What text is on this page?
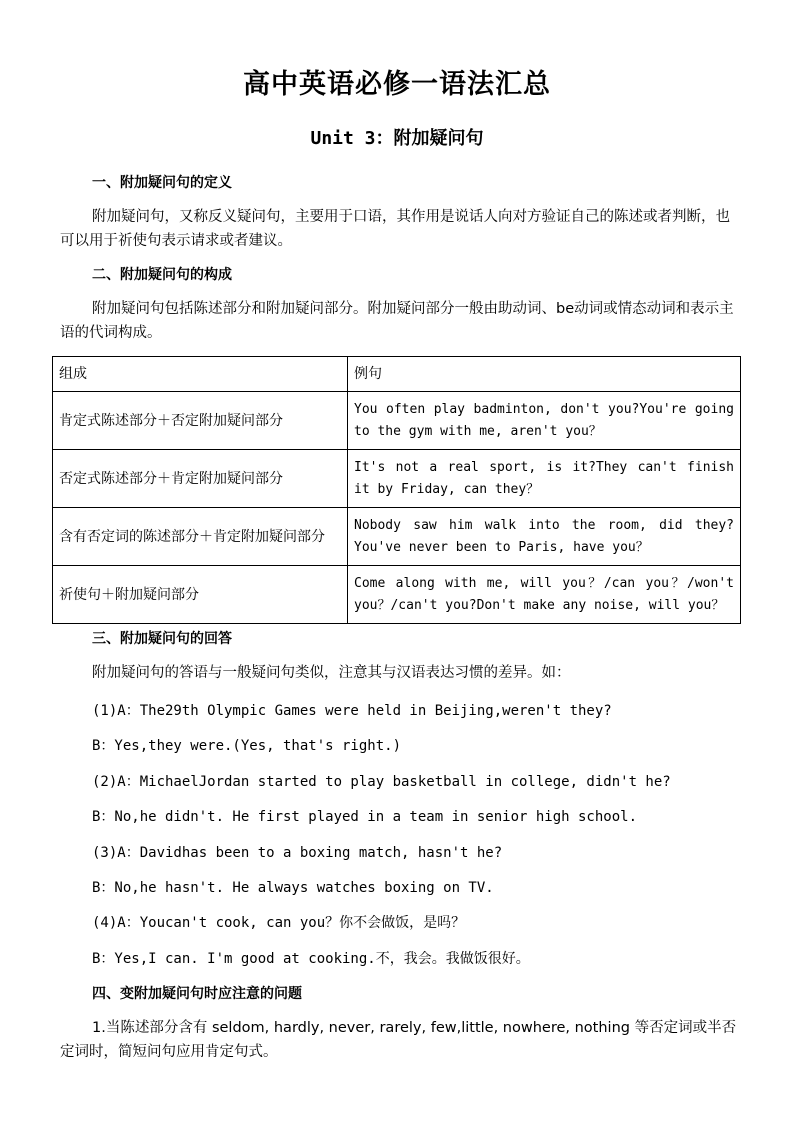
高中英语必修一语法汇总
Unit 3：附加疑问句
一、附加疑问句的定义
附加疑问句，又称反义疑问句，主要用于口语，其作用是说话人向对方验证自己的陈述或者判断，也可以用于祈使句表示请求或者建议。
二、附加疑问句的构成
附加疑问句包括陈述部分和附加疑问部分。附加疑问部分一般由助动词、be动词或情态动词和表示主语的代词构成。
组成	例句
肯定式陈述部分＋否定附加疑问部分	You often play badminton, don't you?You're going to the gym with me, aren't you？
否定式陈述部分＋肯定附加疑问部分	It's not a real sport, is it?They can't finish it by Friday, can they？
含有否定词的陈述部分＋肯定附加疑问部分	Nobody saw him walk into the room, did they?You've never been to Paris, have you？
祈使句＋附加疑问部分	Come along with me, will you？/can you？/won't you？/can't you?Don't make any noise, will you？
三、附加疑问句的回答
附加疑问句的答语与一般疑问句类似，注意其与汉语表达习惯的差异。如：
(1)A：The29th Olympic Games were held in Beijing,weren't they?
B：Yes,they were.(Yes, that's right.)
(2)A：MichaelJordan started to play basketball in college, didn't he?
B：No,he didn't. He first played in a team in senior high school.
(3)A：Davidhas been to a boxing match, hasn't he?
B：No,he hasn't. He always watches boxing on TV.
(4)A：Youcan't cook, can you？你不会做饭，是吗？
B：Yes,I can. I'm good at cooking.不，我会。我做饭很好。
四、变附加疑问句时应注意的问题
1.当陈述部分含有 seldom, hardly, never, rarely, few,little, nowhere, nothing 等否定词或半否定词时，简短问句应用肯定句式。
